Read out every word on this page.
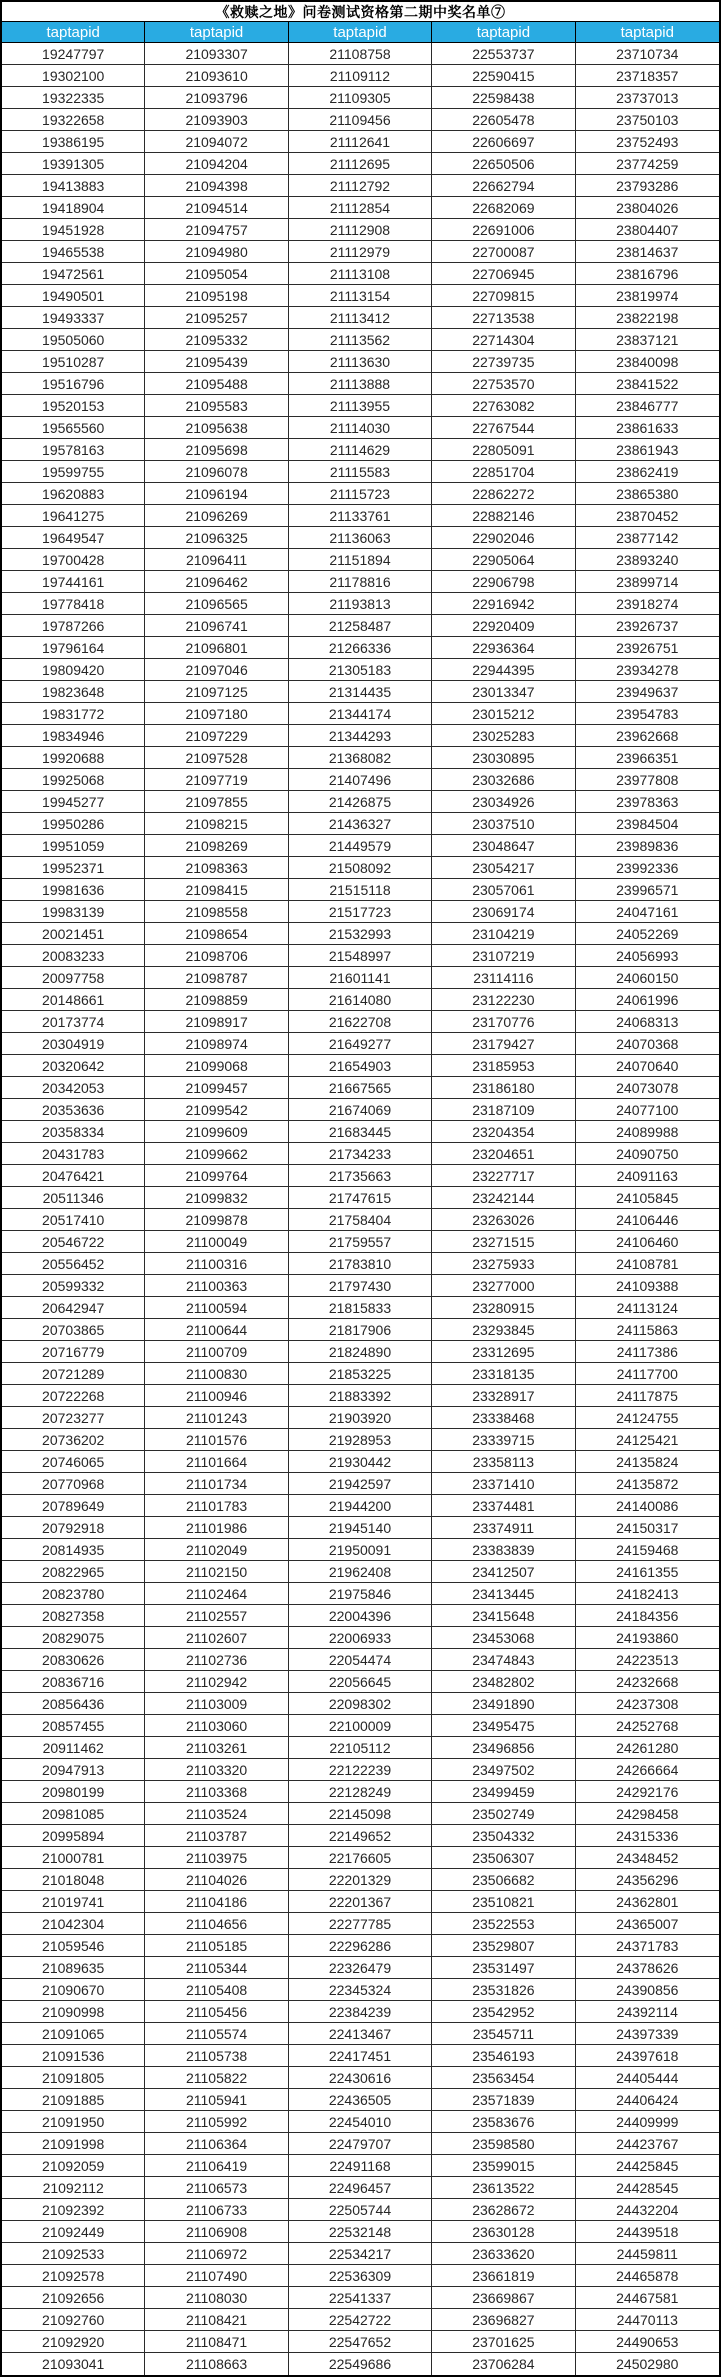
《救赎之地》问卷测试资格第二期中奖名单⑦
taptapid	taptapid	taptapid	taptapid	taptapid
19247797	21093307	21108758	22553737	23710734
19302100	21093610	21109112	22590415	23718357
19322335	21093796	21109305	22598438	23737013
19322658	21093903	21109456	22605478	23750103
19386195	21094072	21112641	22606697	23752493
19391305	21094204	21112695	22650506	23774259
19413883	21094398	21112792	22662794	23793286
19418904	21094514	21112854	22682069	23804026
19451928	21094757	21112908	22691006	23804407
19465538	21094980	21112979	22700087	23814637
19472561	21095054	21113108	22706945	23816796
19490501	21095198	21113154	22709815	23819974
19493337	21095257	21113412	22713538	23822198
19505060	21095332	21113562	22714304	23837121
19510287	21095439	21113630	22739735	23840098
19516796	21095488	21113888	22753570	23841522
19520153	21095583	21113955	22763082	23846777
19565560	21095638	21114030	22767544	23861633
19578163	21095698	21114629	22805091	23861943
19599755	21096078	21115583	22851704	23862419
19620883	21096194	21115723	22862272	23865380
19641275	21096269	21133761	22882146	23870452
19649547	21096325	21136063	22902046	23877142
19700428	21096411	21151894	22905064	23893240
19744161	21096462	21178816	22906798	23899714
19778418	21096565	21193813	22916942	23918274
19787266	21096741	21258487	22920409	23926737
19796164	21096801	21266336	22936364	23926751
19809420	21097046	21305183	22944395	23934278
19823648	21097125	21314435	23013347	23949637
19831772	21097180	21344174	23015212	23954783
19834946	21097229	21344293	23025283	23962668
19920688	21097528	21368082	23030895	23966351
19925068	21097719	21407496	23032686	23977808
19945277	21097855	21426875	23034926	23978363
19950286	21098215	21436327	23037510	23984504
19951059	21098269	21449579	23048647	23989836
19952371	21098363	21508092	23054217	23992336
19981636	21098415	21515118	23057061	23996571
19983139	21098558	21517723	23069174	24047161
20021451	21098654	21532993	23104219	24052269
20083233	21098706	21548997	23107219	24056993
20097758	21098787	21601141	23114116	24060150
20148661	21098859	21614080	23122230	24061996
20173774	21098917	21622708	23170776	24068313
20304919	21098974	21649277	23179427	24070368
20320642	21099068	21654903	23185953	24070640
20342053	21099457	21667565	23186180	24073078
20353636	21099542	21674069	23187109	24077100
20358334	21099609	21683445	23204354	24089988
20431783	21099662	21734233	23204651	24090750
20476421	21099764	21735663	23227717	24091163
20511346	21099832	21747615	23242144	24105845
20517410	21099878	21758404	23263026	24106446
20546722	21100049	21759557	23271515	24106460
20556452	21100316	21783810	23275933	24108781
20599332	21100363	21797430	23277000	24109388
20642947	21100594	21815833	23280915	24113124
20703865	21100644	21817906	23293845	24115863
20716779	21100709	21824890	23312695	24117386
20721289	21100830	21853225	23318135	24117700
20722268	21100946	21883392	23328917	24117875
20723277	21101243	21903920	23338468	24124755
20736202	21101576	21928953	23339715	24125421
20746065	21101664	21930442	23358113	24135824
20770968	21101734	21942597	23371410	24135872
20789649	21101783	21944200	23374481	24140086
20792918	21101986	21945140	23374911	24150317
20814935	21102049	21950091	23383839	24159468
20822965	21102150	21962408	23412507	24161355
20823780	21102464	21975846	23413445	24182413
20827358	21102557	22004396	23415648	24184356
20829075	21102607	22006933	23453068	24193860
20830626	21102736	22054474	23474843	24223513
20836716	21102942	22056645	23482802	24232668
20856436	21103009	22098302	23491890	24237308
20857455	21103060	22100009	23495475	24252768
20911462	21103261	22105112	23496856	24261280
20947913	21103320	22122239	23497502	24266664
20980199	21103368	22128249	23499459	24292176
20981085	21103524	22145098	23502749	24298458
20995894	21103787	22149652	23504332	24315336
21000781	21103975	22176605	23506307	24348452
21018048	21104026	22201329	23506682	24356296
21019741	21104186	22201367	23510821	24362801
21042304	21104656	22277785	23522553	24365007
21059546	21105185	22296286	23529807	24371783
21089635	21105344	22326479	23531497	24378626
21090670	21105408	22345324	23531826	24390856
21090998	21105456	22384239	23542952	24392114
21091065	21105574	22413467	23545711	24397339
21091536	21105738	22417451	23546193	24397618
21091805	21105822	22430616	23563454	24405444
21091885	21105941	22436505	23571839	24406424
21091950	21105992	22454010	23583676	24409999
21091998	21106364	22479707	23598580	24423767
21092059	21106419	22491168	23599015	24425845
21092112	21106573	22496457	23613522	24428545
21092392	21106733	22505744	23628672	24432204
21092449	21106908	22532148	23630128	24439518
21092533	21106972	22534217	23633620	24459811
21092578	21107490	22536309	23661819	24465878
21092656	21108030	22541337	23669867	24467581
21092760	21108421	22542722	23696827	24470113
21092920	21108471	22547652	23701625	24490653
21093041	21108663	22549686	23706284	24502980
